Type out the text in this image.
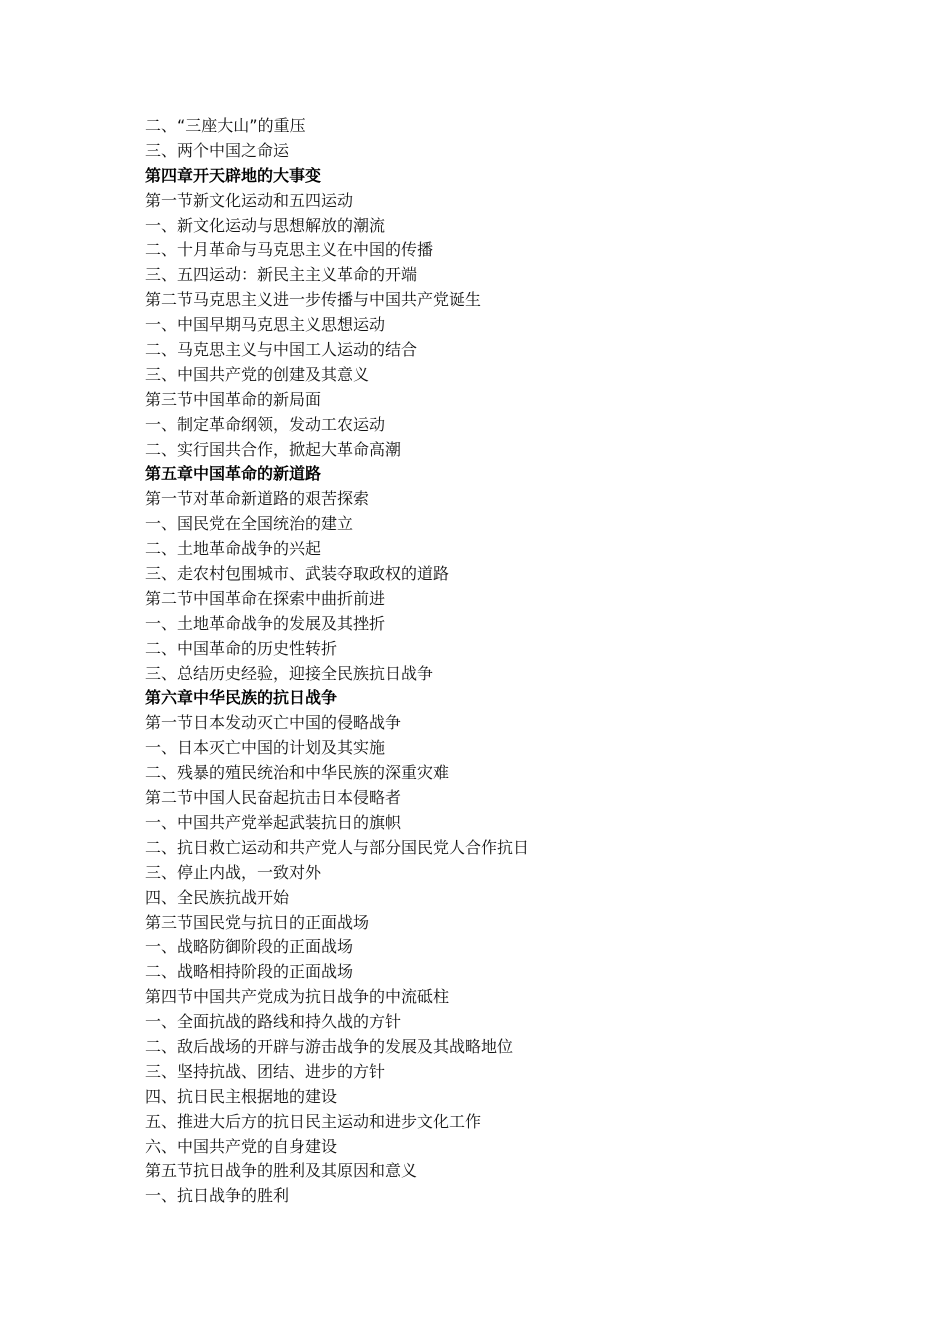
二、“三座大山”的重压
三、两个中国之命运
第四章开天辟地的大事变
第一节新文化运动和五四运动
一、新文化运动与思想解放的潮流
二、十月革命与马克思主义在中国的传播
三、五四运动：新民主主义革命的开端
第二节马克思主义进一步传播与中国共产党诞生
一、中国早期马克思主义思想运动
二、马克思主义与中国工人运动的结合
三、中国共产党的创建及其意义
第三节中国革命的新局面
一、制定革命纲领，发动工农运动
二、实行国共合作，掀起大革命高潮
第五章中国革命的新道路
第一节对革命新道路的艰苦探索
一、国民党在全国统治的建立
二、土地革命战争的兴起
三、走农村包围城市、武装夺取政权的道路
第二节中国革命在探索中曲折前进
一、土地革命战争的发展及其挫折
二、中国革命的历史性转折
三、总结历史经验，迎接全民族抗日战争
第六章中华民族的抗日战争
第一节日本发动灭亡中国的侵略战争
一、日本灭亡中国的计划及其实施
二、残暴的殖民统治和中华民族的深重灾难
第二节中国人民奋起抗击日本侵略者
一、中国共产党举起武装抗日的旗帜
二、抗日救亡运动和共产党人与部分国民党人合作抗日
三、停止内战，一致对外
四、全民族抗战开始
第三节国民党与抗日的正面战场
一、战略防御阶段的正面战场
二、战略相持阶段的正面战场
第四节中国共产党成为抗日战争的中流砥柱
一、全面抗战的路线和持久战的方针
二、敌后战场的开辟与游击战争的发展及其战略地位
三、坚持抗战、团结、进步的方针
四、抗日民主根据地的建设
五、推进大后方的抗日民主运动和进步文化工作
六、中国共产党的自身建设
第五节抗日战争的胜利及其原因和意义
一、抗日战争的胜利
